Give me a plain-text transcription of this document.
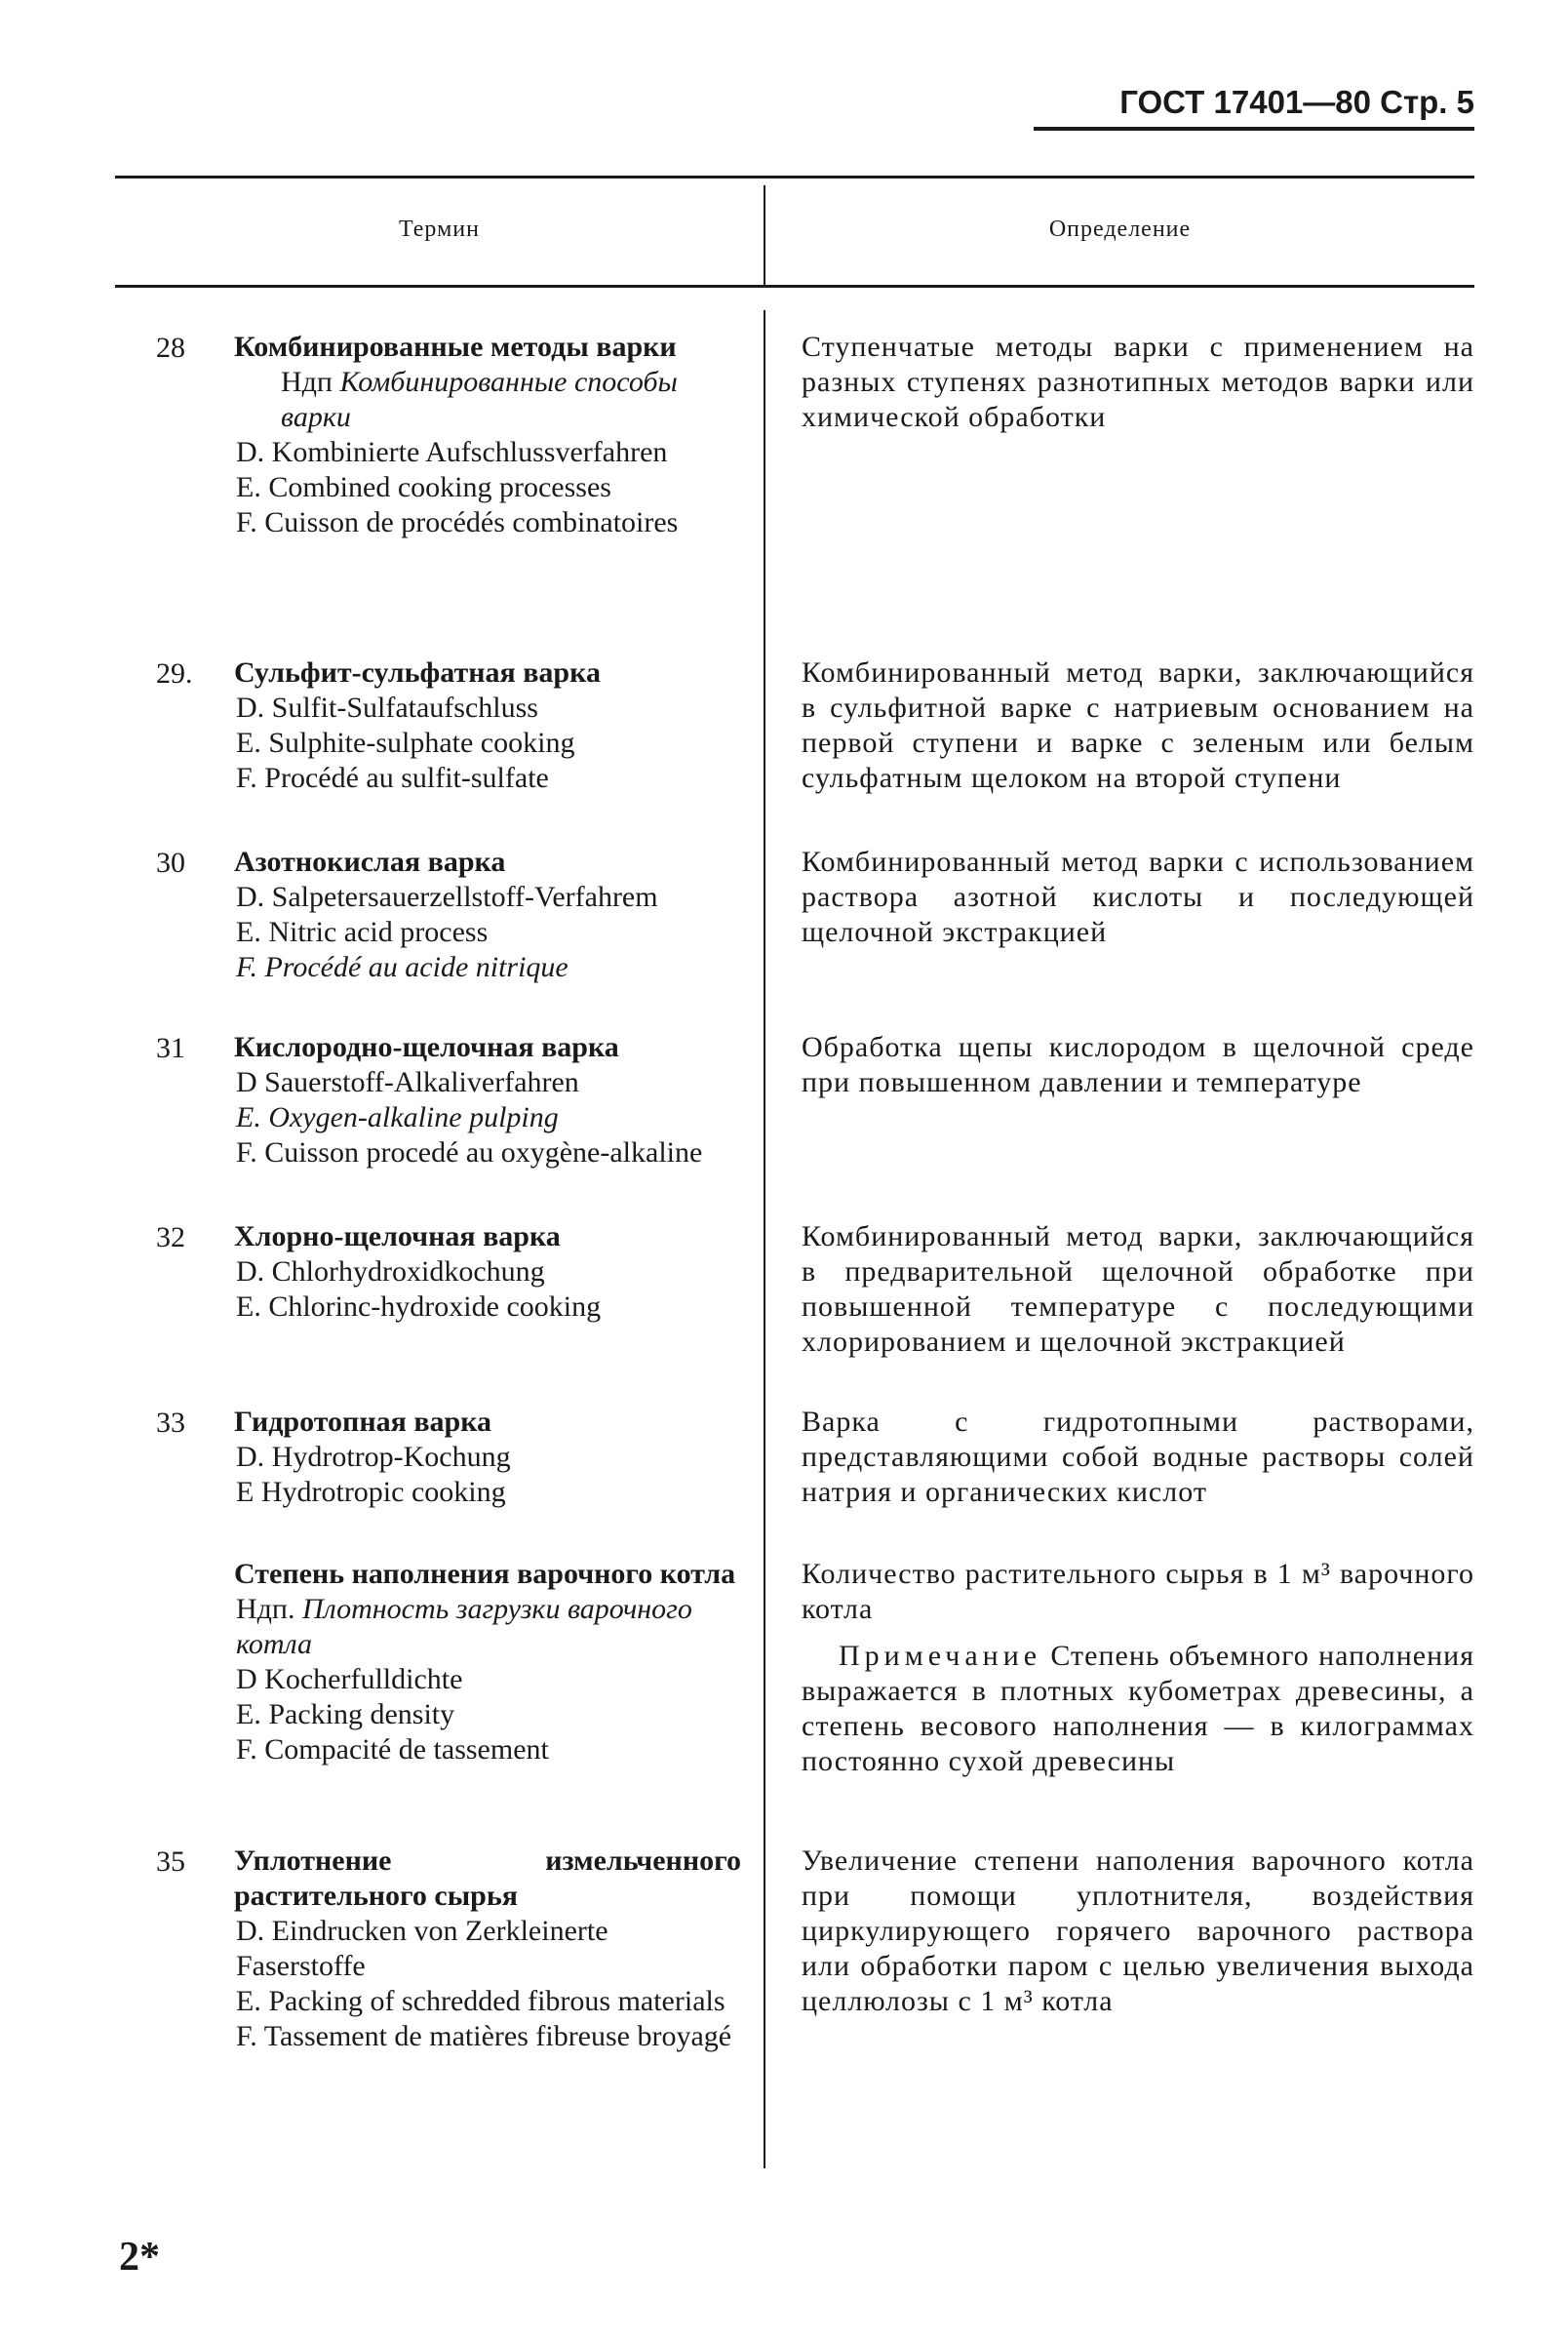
ГОСТ 17401—80 Стр. 5
Термин	Определение
28 Комбинированные методы варки
Ндп Комбинированные способы варки
D. Kombinierte Aufschlussverfahren
E. Combined cooking processes
F. Cuisson de procédés combinatoires
Ступенчатые методы варки с применением на разных ступенях разнотипных методов варки или химической обработки
29. Сульфит-сульфатная варка
D. Sulfit-Sulfataufschluss
E. Sulphite-sulphate cooking
F. Procédé au sulfit-sulfate
Комбинированный метод варки, заключающийся в сульфитной варке с натриевым основанием на первой ступени и варке с зеленым или белым сульфатным щелоком на второй ступени
30 Азотнокислая варка
D. Salpetersauerzellstoff-Verfahrem
E. Nitric acid process
F. Procédé au acide nitrique
Комбинированный метод варки с использованием раствора азотной кислоты и последующей щелочной экстракцией
31 Кислородно-щелочная варка
D Sauerstoff-Alkaliverfahren
E. Oxygen-alkaline pulping
F. Cuisson procedé au oxygène-alkaline
Обработка щепы кислородом в щелочной среде при повышенном давлении и температуре
32 Хлорно-щелочная варка
D. Chlorhydroxidkochung
E. Chlorinc-hydroxide cooking
Комбинированный метод варки, заключающийся в предварительной щелочной обработке при повышенной температуре с последующими хлорированием и щелочной экстракцией
33 Гидротопная варка
D. Hydrotrop-Kochung
E Hydrotropic cooking
Варка с гидротопными растворами, представляющими собой водные растворы солей натрия и органических кислот
Степень наполнения варочного котла
Ндп. Плотность загрузки варочного котла
D Kocherfulldichte
E. Packing density
F. Compacité de tassement
Количество растительного сырья в 1 м³ варочного котла
Примечание Степень объемного наполнения выражается в плотных кубометрах древесины, а степень весового наполнения — в килограммах постоянно сухой древесины
35 Уплотнение измельченного растительного сырья
D. Eindrucken von Zerkleinerte Faserstoffe
E. Packing of schredded fibrous materials
F. Tassement de matières fibreuse broyagé
Увеличение степени наполения варочного котла при помощи уплотнителя, воздействия циркулирующего горячего варочного раствора или обработки паром с целью увеличения выхода целлюлозы с 1 м³ котла
2*
